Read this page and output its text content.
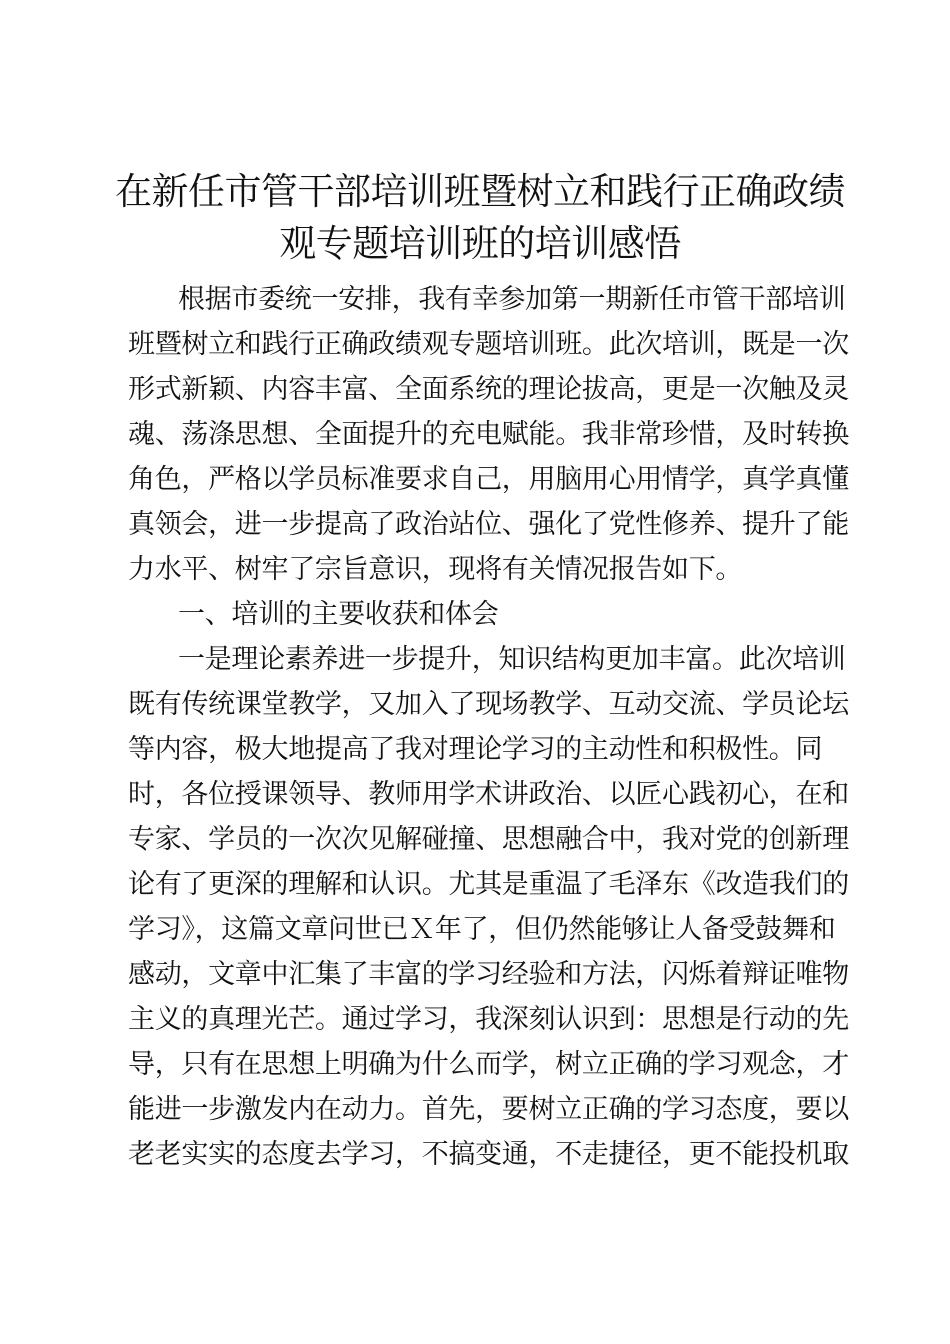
在新任市管干部培训班暨树立和践行正确政绩
观专题培训班的培训感悟
根据市委统一安排，我有幸参加第一期新任市管干部培训
班暨树立和践行正确政绩观专题培训班。此次培训，既是一次
形式新颖、内容丰富、全面系统的理论拔高，更是一次触及灵
魂、荡涤思想、全面提升的充电赋能。我非常珍惜，及时转换
角色，严格以学员标准要求自己，用脑用心用情学，真学真懂
真领会，进一步提高了政治站位、强化了党性修养、提升了能
力水平、树牢了宗旨意识，现将有关情况报告如下。
一、培训的主要收获和体会
一是理论素养进一步提升，知识结构更加丰富。此次培训
既有传统课堂教学，又加入了现场教学、互动交流、学员论坛
等内容，极大地提高了我对理论学习的主动性和积极性。同
时，各位授课领导、教师用学术讲政治、以匠心践初心，在和
专家、学员的一次次见解碰撞、思想融合中，我对党的创新理
论有了更深的理解和认识。尤其是重温了毛泽东《改造我们的
学习》，这篇文章问世已Ｘ年了，但仍然能够让人备受鼓舞和
感动，文章中汇集了丰富的学习经验和方法，闪烁着辩证唯物
主义的真理光芒。通过学习，我深刻认识到：思想是行动的先
导，只有在思想上明确为什么而学，树立正确的学习观念，才
能进一步激发内在动力。首先，要树立正确的学习态度，要以
老老实实的态度去学习，不搞变通，不走捷径，更不能投机取
